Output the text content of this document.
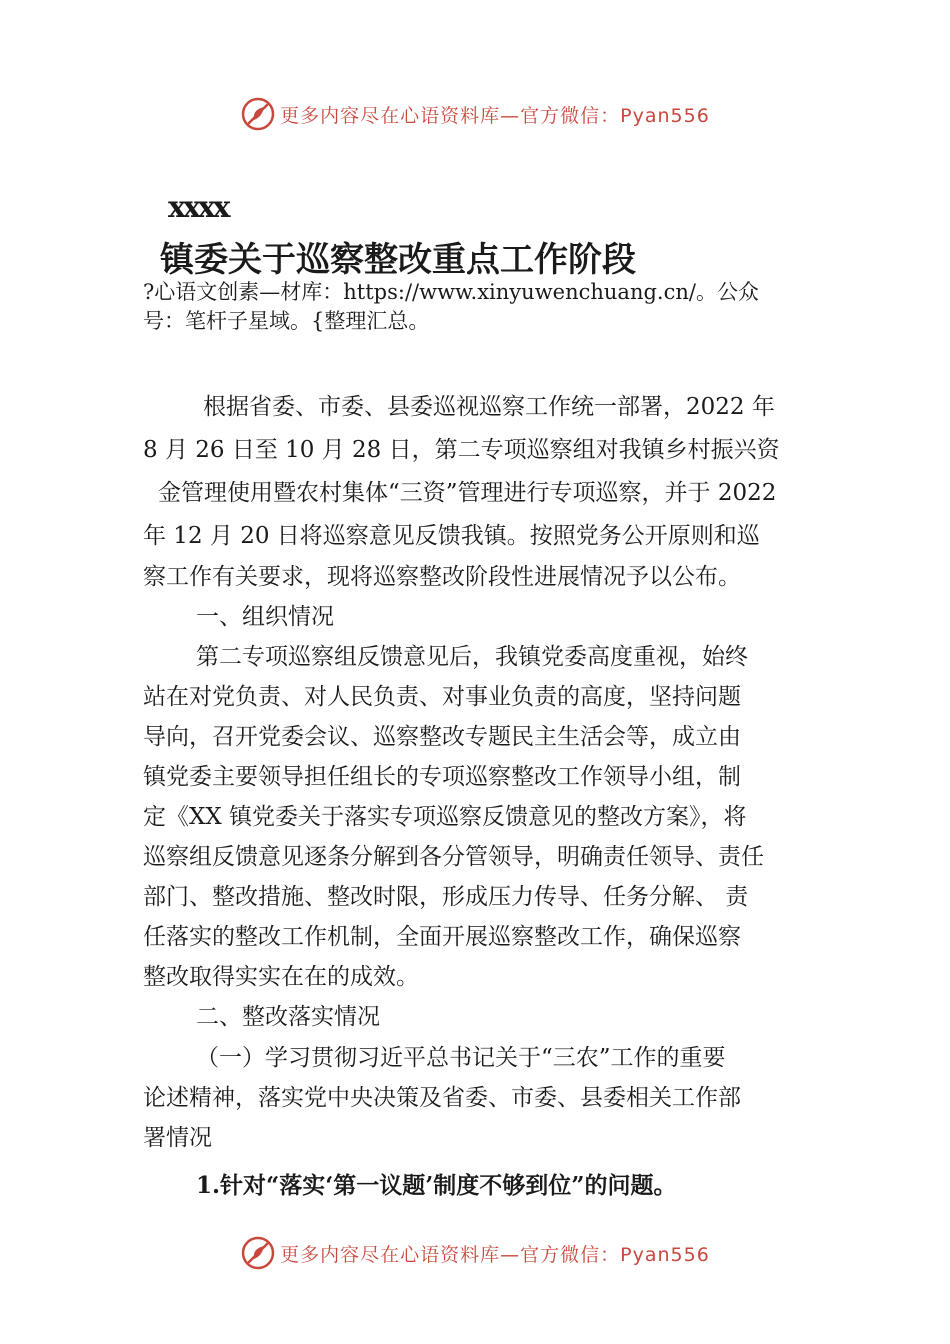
更多内容尽在心语资料库—官方微信：Pyan556
xxxx
镇委关于巡察整改重点工作阶段
?心语文创素—材库：https://www.xinyuwenchuang.cn/。公众
号：笔杆子星域。{整理汇总。
根据省委、市委、县委巡视巡察工作统一部署，2022 年
8 月 26 日至 10 月 28 日，第二专项巡察组对我镇乡村振兴资
金管理使用暨农村集体“三资”管理进行专项巡察，并于 2022
年 12 月 20 日将巡察意见反馈我镇。按照党务公开原则和巡
察工作有关要求，现将巡察整改阶段性进展情况予以公布。
一、组织情况
第二专项巡察组反馈意见后，我镇党委高度重视，始终
站在对党负责、对人民负责、对事业负责的高度，坚持问题
导向，召开党委会议、巡察整改专题民主生活会等，成立由
镇党委主要领导担任组长的专项巡察整改工作领导小组，制
定《XX 镇党委关于落实专项巡察反馈意见的整改方案》，将
巡察组反馈意见逐条分解到各分管领导，明确责任领导、责任
部门、整改措施、整改时限，形成压力传导、任务分解、 责
任落实的整改工作机制，全面开展巡察整改工作，确保巡察
整改取得实实在在的成效。
二、整改落实情况
（一）学习贯彻习近平总书记关于“三农”工作的重要
论述精神，落实党中央决策及省委、市委、县委相关工作部
署情况
1.针对“落实‘第一议题’制度不够到位”的问题。
更多内容尽在心语资料库—官方微信：Pyan556
